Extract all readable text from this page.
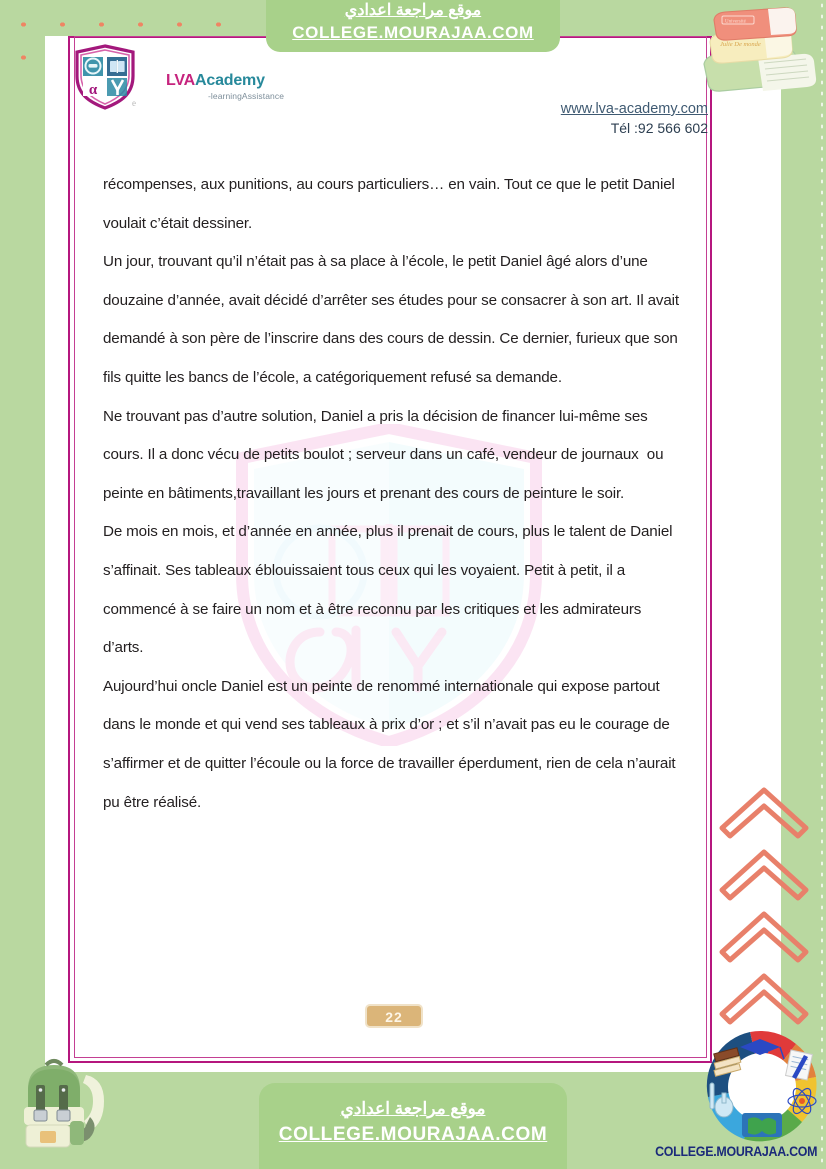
α
e
LVAAcademy
-learningAssistance
www.lva-academy.com
Tél :92 566 602

récompenses, aux punitions, au cours particuliers… en vain. Tout ce que le petit Daniel voulait c’était dessiner.

Un jour, trouvant qu’il n’était pas à sa place à l’école, le petit Daniel âgé alors d’une douzaine d’année, avait décidé d’arrêter ses études pour se consacrer à son art. Il avait demandé à son père de l’inscrire dans des cours de dessin. Ce dernier, furieux que son fils quitte les bancs de l’école, a catégoriquement refusé sa demande.

Ne trouvant pas d’autre solution, Daniel a pris la décision de financer lui-même ses cours. Il a donc vécu de petits boulot ; serveur dans un café, vendeur de journaux  ou peinte en bâtiments,travaillant les jours et prenant des cours de peinture le soir.

De mois en mois, et d’année en année, plus il prenait de cours, plus le talent de Daniel s’affinait. Ses tableaux éblouissaient tous ceux qui les voyaient. Petit à petit, il a commencé à se faire un nom et à être reconnu par les critiques et les admirateurs d’arts.

Aujourd’hui oncle Daniel est un peinte de renommé internationale qui expose partout dans le monde et qui vend ses tableaux à prix d’or ; et s’il n’avait pas eu le courage de s’affirmer et de quitter l’écoule ou la force de travailler éperdument, rien de cela n’aurait pu être réalisé.

22
موقع مراجعة اعدادي
COLLEGE.MOURAJAA.COM
موقع مراجعة اعدادي
COLLEGE.MOURAJAA.COM
COLLEGE.MOURAJAA.COM
Julie De monde
Université
